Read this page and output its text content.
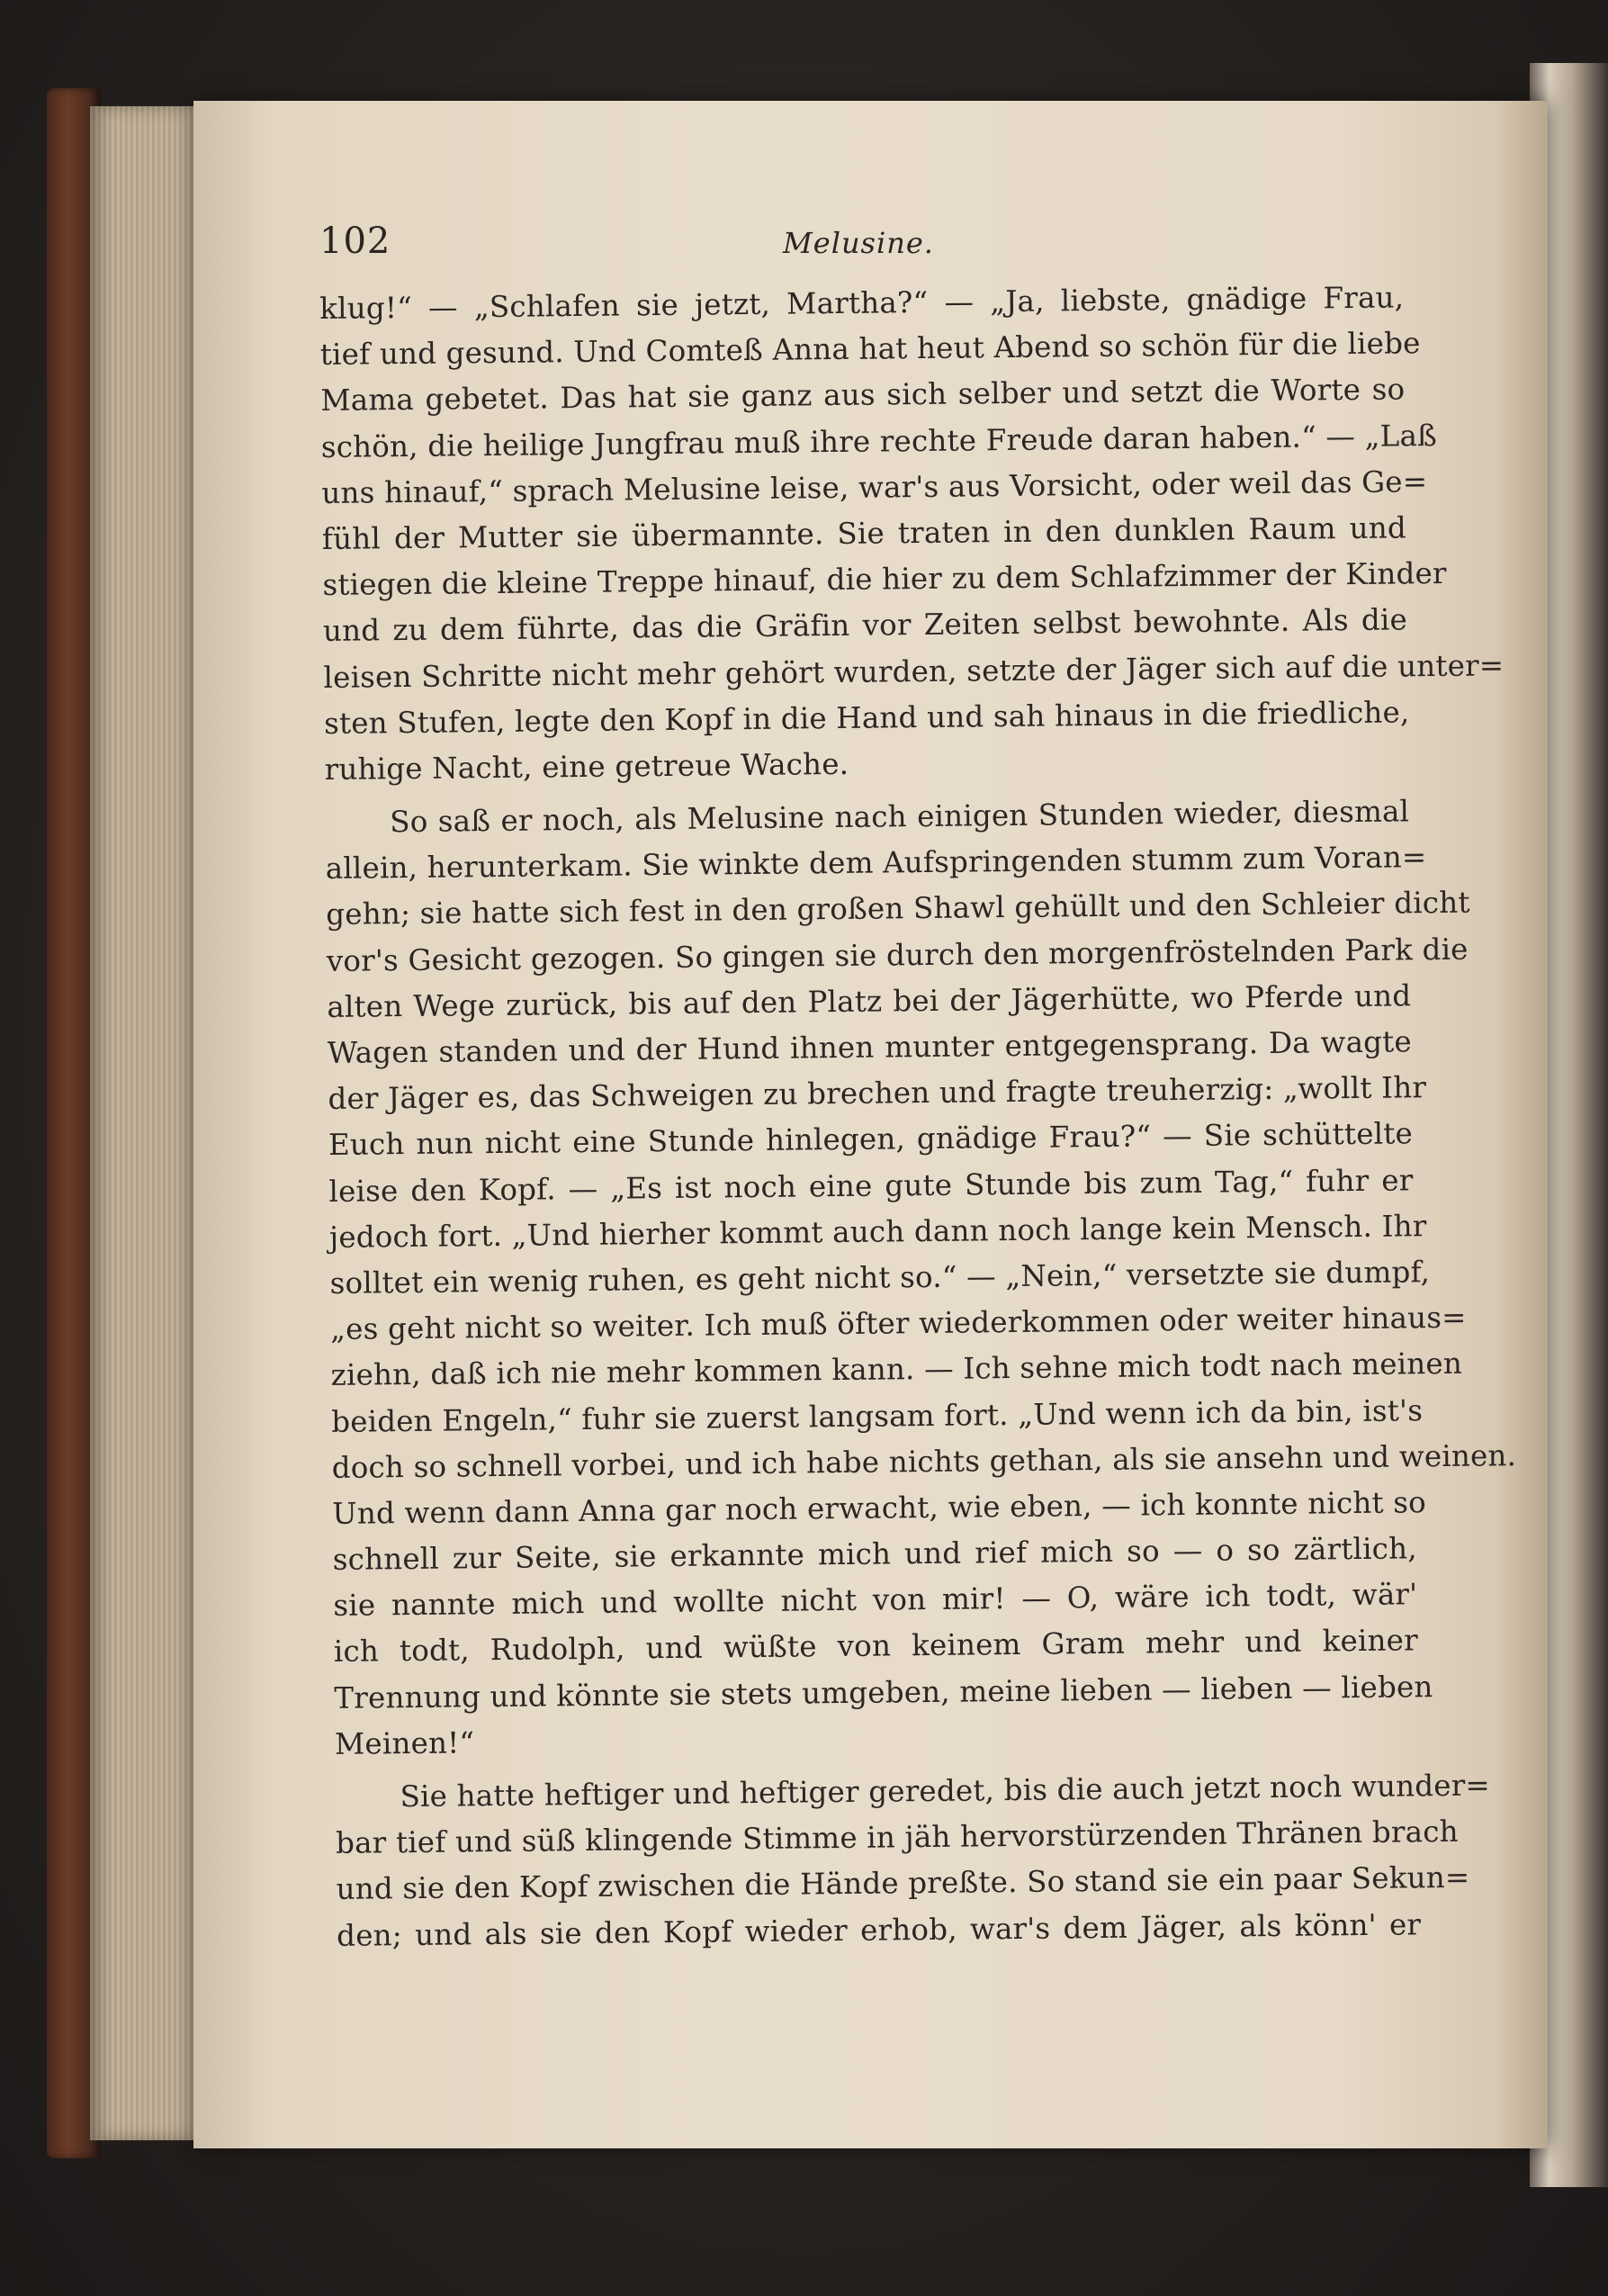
102	Melusine.
klug!“ — „Schlafen sie jetzt, Martha?“ — „Ja, liebste, gnädige Frau,
tief und gesund. Und Comteß Anna hat heut Abend so schön für die liebe
Mama gebetet. Das hat sie ganz aus sich selber und setzt die Worte so
schön, die heilige Jungfrau muß ihre rechte Freude daran haben.“ — „Laß
uns hinauf,“ sprach Melusine leise, war's aus Vorsicht, oder weil das Ge=
fühl der Mutter sie übermannte. Sie traten in den dunklen Raum und
stiegen die kleine Treppe hinauf, die hier zu dem Schlafzimmer der Kinder
und zu dem führte, das die Gräfin vor Zeiten selbst bewohnte. Als die
leisen Schritte nicht mehr gehört wurden, setzte der Jäger sich auf die unter=
sten Stufen, legte den Kopf in die Hand und sah hinaus in die friedliche,
ruhige Nacht, eine getreue Wache.
So saß er noch, als Melusine nach einigen Stunden wieder, diesmal
allein, herunterkam. Sie winkte dem Aufspringenden stumm zum Voran=
gehn; sie hatte sich fest in den großen Shawl gehüllt und den Schleier dicht
vor's Gesicht gezogen. So gingen sie durch den morgenfröstelnden Park die
alten Wege zurück, bis auf den Platz bei der Jägerhütte, wo Pferde und
Wagen standen und der Hund ihnen munter entgegensprang. Da wagte
der Jäger es, das Schweigen zu brechen und fragte treuherzig: „wollt Ihr
Euch nun nicht eine Stunde hinlegen, gnädige Frau?“ — Sie schüttelte
leise den Kopf. — „Es ist noch eine gute Stunde bis zum Tag,“ fuhr er
jedoch fort. „Und hierher kommt auch dann noch lange kein Mensch. Ihr
solltet ein wenig ruhen, es geht nicht so.“ — „Nein,“ versetzte sie dumpf,
„es geht nicht so weiter. Ich muß öfter wiederkommen oder weiter hinaus=
ziehn, daß ich nie mehr kommen kann. — Ich sehne mich todt nach meinen
beiden Engeln,“ fuhr sie zuerst langsam fort. „Und wenn ich da bin, ist's
doch so schnell vorbei, und ich habe nichts gethan, als sie ansehn und weinen.
Und wenn dann Anna gar noch erwacht, wie eben, — ich konnte nicht so
schnell zur Seite, sie erkannte mich und rief mich so — o so zärtlich,
sie nannte mich und wollte nicht von mir! — O, wäre ich todt, wär'
ich todt, Rudolph, und wüßte von keinem Gram mehr und keiner
Trennung und könnte sie stets umgeben, meine lieben — lieben — lieben
Meinen!“
Sie hatte heftiger und heftiger geredet, bis die auch jetzt noch wunder=
bar tief und süß klingende Stimme in jäh hervorstürzenden Thränen brach
und sie den Kopf zwischen die Hände preßte. So stand sie ein paar Sekun=
den; und als sie den Kopf wieder erhob, war's dem Jäger, als könn' er
